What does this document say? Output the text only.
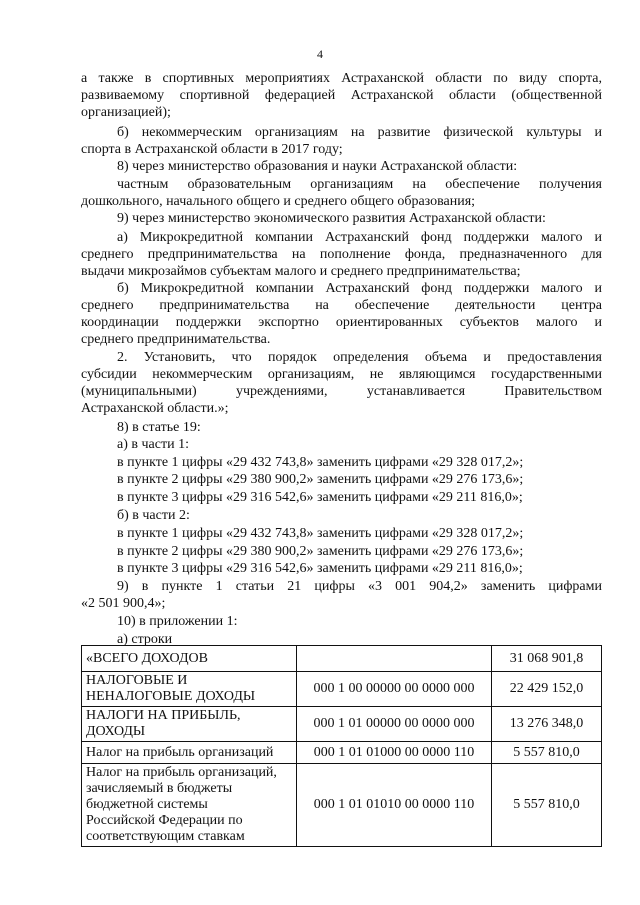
4
а также в спортивных мероприятиях Астраханской области по виду спорта,
развиваемому спортивной федерацией Астраханской области (общественной
организацией);
б) некоммерческим организациям на развитие физической культуры и
спорта в Астраханской области в 2017 году;
8) через министерство образования и науки Астраханской области:
частным образовательным организациям на обеспечение получения
дошкольного, начального общего и среднего общего образования;
9) через министерство экономического развития Астраханской области:
а) Микрокредитной компании Астраханский фонд поддержки малого и
среднего предпринимательства на пополнение фонда, предназначенного для
выдачи микрозаймов субъектам малого и среднего предпринимательства;
б) Микрокредитной компании Астраханский фонд поддержки малого и
среднего предпринимательства на обеспечение деятельности центра
координации поддержки экспортно ориентированных субъектов малого и
среднего предпринимательства.
2. Установить, что порядок определения объема и предоставления
субсидии некоммерческим организациям, не являющимся государственными
(муниципальными) учреждениями, устанавливается Правительством
Астраханской области.»;
8) в статье 19:
а) в части 1:
в пункте 1 цифры «29 432 743,8» заменить цифрами «29 328 017,2»;
в пункте 2 цифры «29 380 900,2» заменить цифрами «29 276 173,6»;
в пункте 3 цифры «29 316 542,6» заменить цифрами «29 211 816,0»;
б) в части 2:
в пункте 1 цифры «29 432 743,8» заменить цифрами «29 328 017,2»;
в пункте 2 цифры «29 380 900,2» заменить цифрами «29 276 173,6»;
в пункте 3 цифры «29 316 542,6» заменить цифрами «29 211 816,0»;
9) в пункте 1 статьи 21 цифры «3 001 904,2» заменить цифрами
«2 501 900,4»;
10) в приложении 1:
а) строки
«ВСЕГО ДОХОДОВ		31 068 901,8
НАЛОГОВЫЕ И
НЕНАЛОГОВЫЕ ДОХОДЫ	000 1 00 00000 00 0000 000	22 429 152,0
НАЛОГИ НА ПРИБЫЛЬ,
ДОХОДЫ	000 1 01 00000 00 0000 000	13 276 348,0
Налог на прибыль организаций	000 1 01 01000 00 0000 110	5 557 810,0
Налог на прибыль организаций,
зачисляемый в бюджеты
бюджетной системы
Российской Федерации по
соответствующим ставкам	000 1 01 01010 00 0000 110	5 557 810,0
